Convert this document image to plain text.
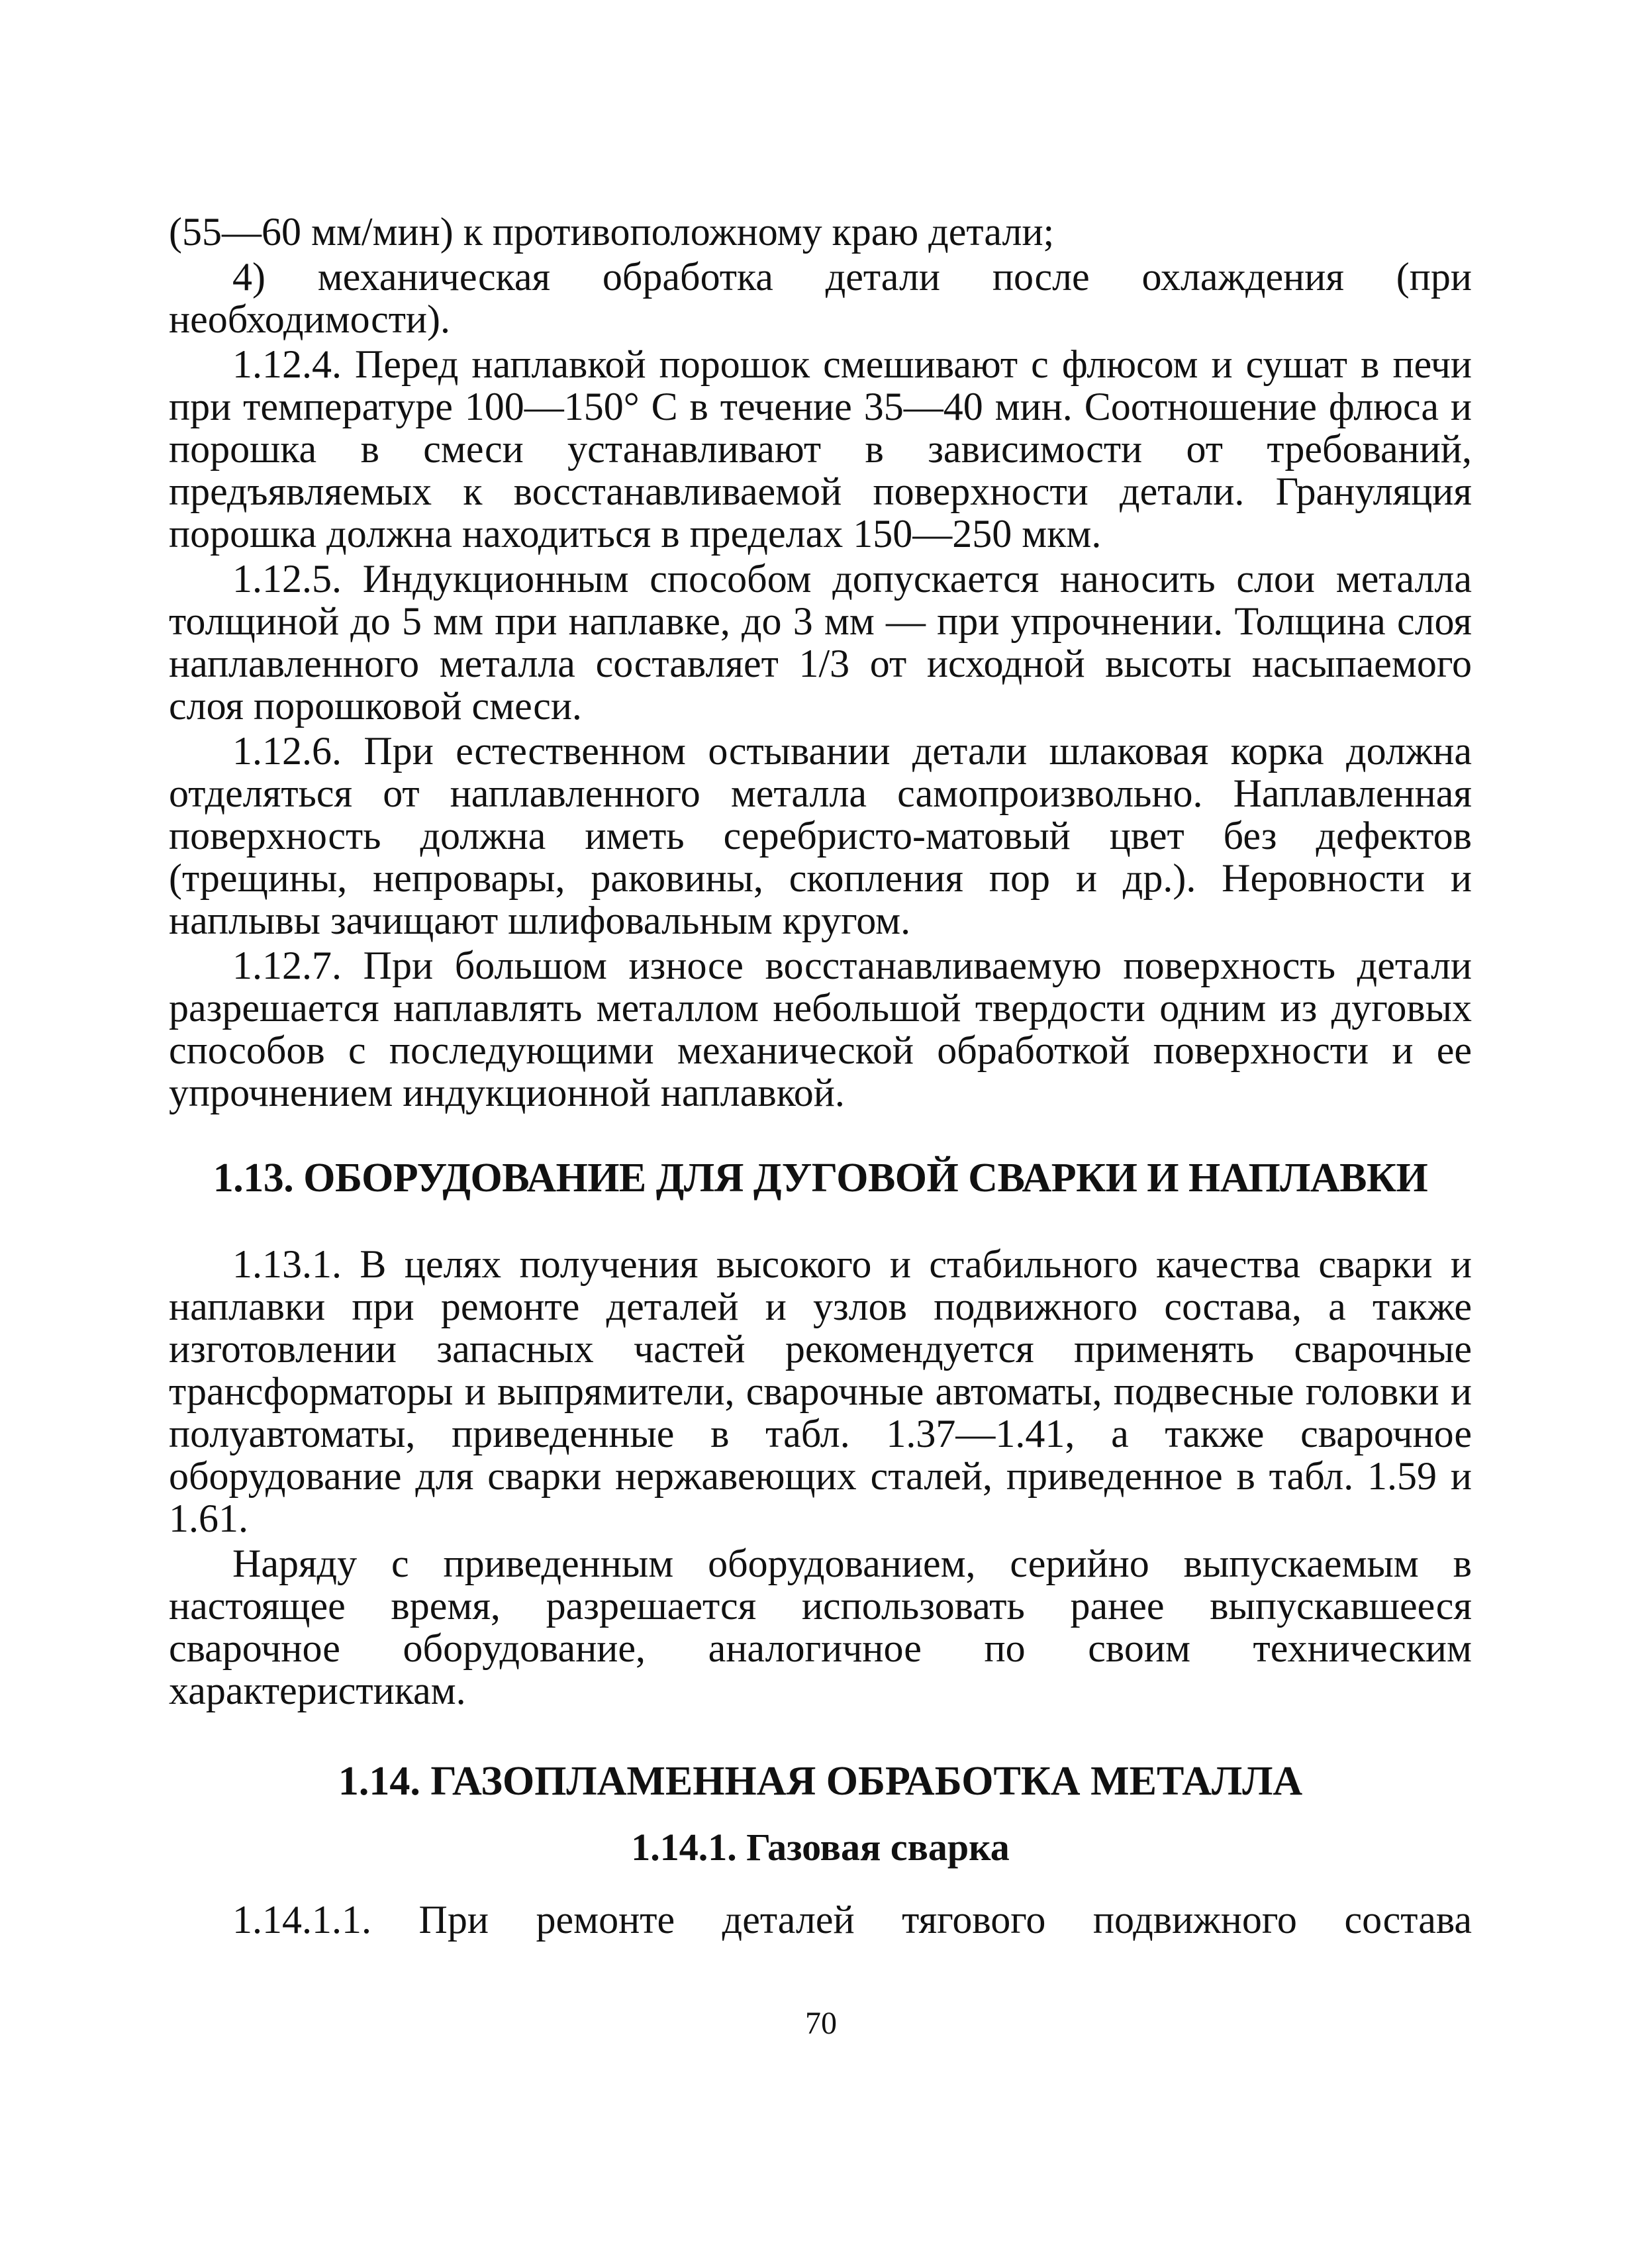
(55—60 мм/мин) к противоположному краю детали;

4) механическая обработка детали после охлаждения (при необходимости).

1.12.4. Перед наплавкой порошок смешивают с флюсом и сушат в печи при температуре 100—150° С в течение 35—40 мин. Соотношение флюса и порошка в смеси устанавливают в зависимости от требований, предъявляемых к восстанавливаемой поверхности детали. Грануляция порошка должна находиться в пределах 150—250 мкм.

1.12.5. Индукционным способом допускается наносить слои металла толщиной до 5 мм при наплавке, до 3 мм — при упрочнении. Толщина слоя наплавленного металла составляет 1/3 от исходной высоты насыпаемого слоя порошковой смеси.

1.12.6. При естественном остывании детали шлаковая корка должна отделяться от наплавленного металла самопроизвольно. Наплавленная поверхность должна иметь серебристо-матовый цвет без дефектов (трещины, непровары, раковины, скопления пор и др.). Неровности и наплывы зачищают шлифовальным кругом.

1.12.7. При большом износе восстанавливаемую поверхность детали разрешается наплавлять металлом небольшой твердости одним из дуговых способов с последующими механической обработкой поверхности и ее упрочнением индукционной наплавкой.

1.13. ОБОРУДОВАНИЕ ДЛЯ ДУГОВОЙ СВАРКИ И НАПЛАВКИ

1.13.1. В целях получения высокого и стабильного качества сварки и наплавки при ремонте деталей и узлов подвижного состава, а также изготовлении запасных частей рекомендуется применять сварочные трансформаторы и выпрямители, сварочные автоматы, подвесные головки и полуавтоматы, приведенные в табл. 1.37—1.41, а также сварочное оборудование для сварки нержавеющих сталей, приведенное в табл. 1.59 и 1.61.

Наряду с приведенным оборудованием, серийно выпускаемым в настоящее время, разрешается использовать ранее выпускавшееся сварочное оборудование, аналогичное по своим техническим характеристикам.

1.14. ГАЗОПЛАМЕННАЯ ОБРАБОТКА МЕТАЛЛА
1.14.1. Газовая сварка

1.14.1.1. При ремонте деталей тягового подвижного состава

70
